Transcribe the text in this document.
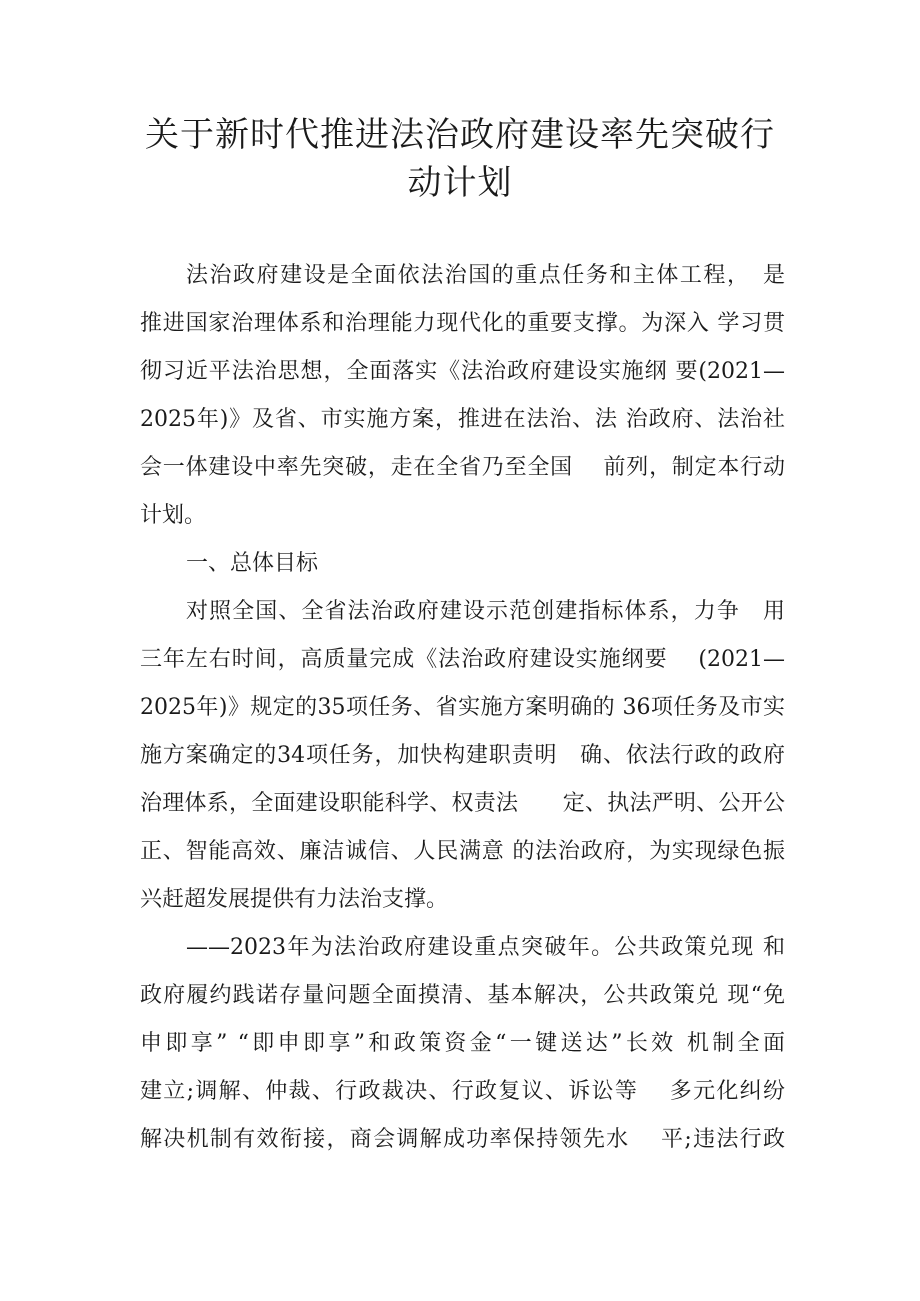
关于新时代推进法治政府建设率先突破行
动计划
法治政府建设是全面依法治国的重点任务和主体工程，　是
推进国家治理体系和治理能力现代化的重要支撑。为深入 学习贯
彻习近平法治思想，全面落实《法治政府建设实施纲 要(2021—
2025年)》及省、市实施方案，推进在法治、法 治政府、法治社
会一体建设中率先突破，走在全省乃至全国　 前列，制定本行动
计划。
一、总体目标
对照全国、全省法治政府建设示范创建指标体系，力争　用
三年左右时间，高质量完成《法治政府建设实施纲要　 (2021—
2025年)》规定的35项任务、省实施方案明确的 36项任务及市实
施方案确定的34项任务，加快构建职责明　确、依法行政的政府
治理体系，全面建设职能科学、权责法　　定、执法严明、公开公
正、智能高效、廉洁诚信、人民满意 的法治政府，为实现绿色振
兴赶超发展提供有力法治支撑。
——2023年为法治政府建设重点突破年。公共政策兑现 和
政府履约践诺存量问题全面摸清、基本解决，公共政策兑 现“免
申即享” “即申即享”和政策资金“一键送达”长效 机制全面
建立;调解、仲裁、行政裁决、行政复议、诉讼等　 多元化纠纷
解决机制有效衔接，商会调解成功率保持领先水　 平;违法行政
